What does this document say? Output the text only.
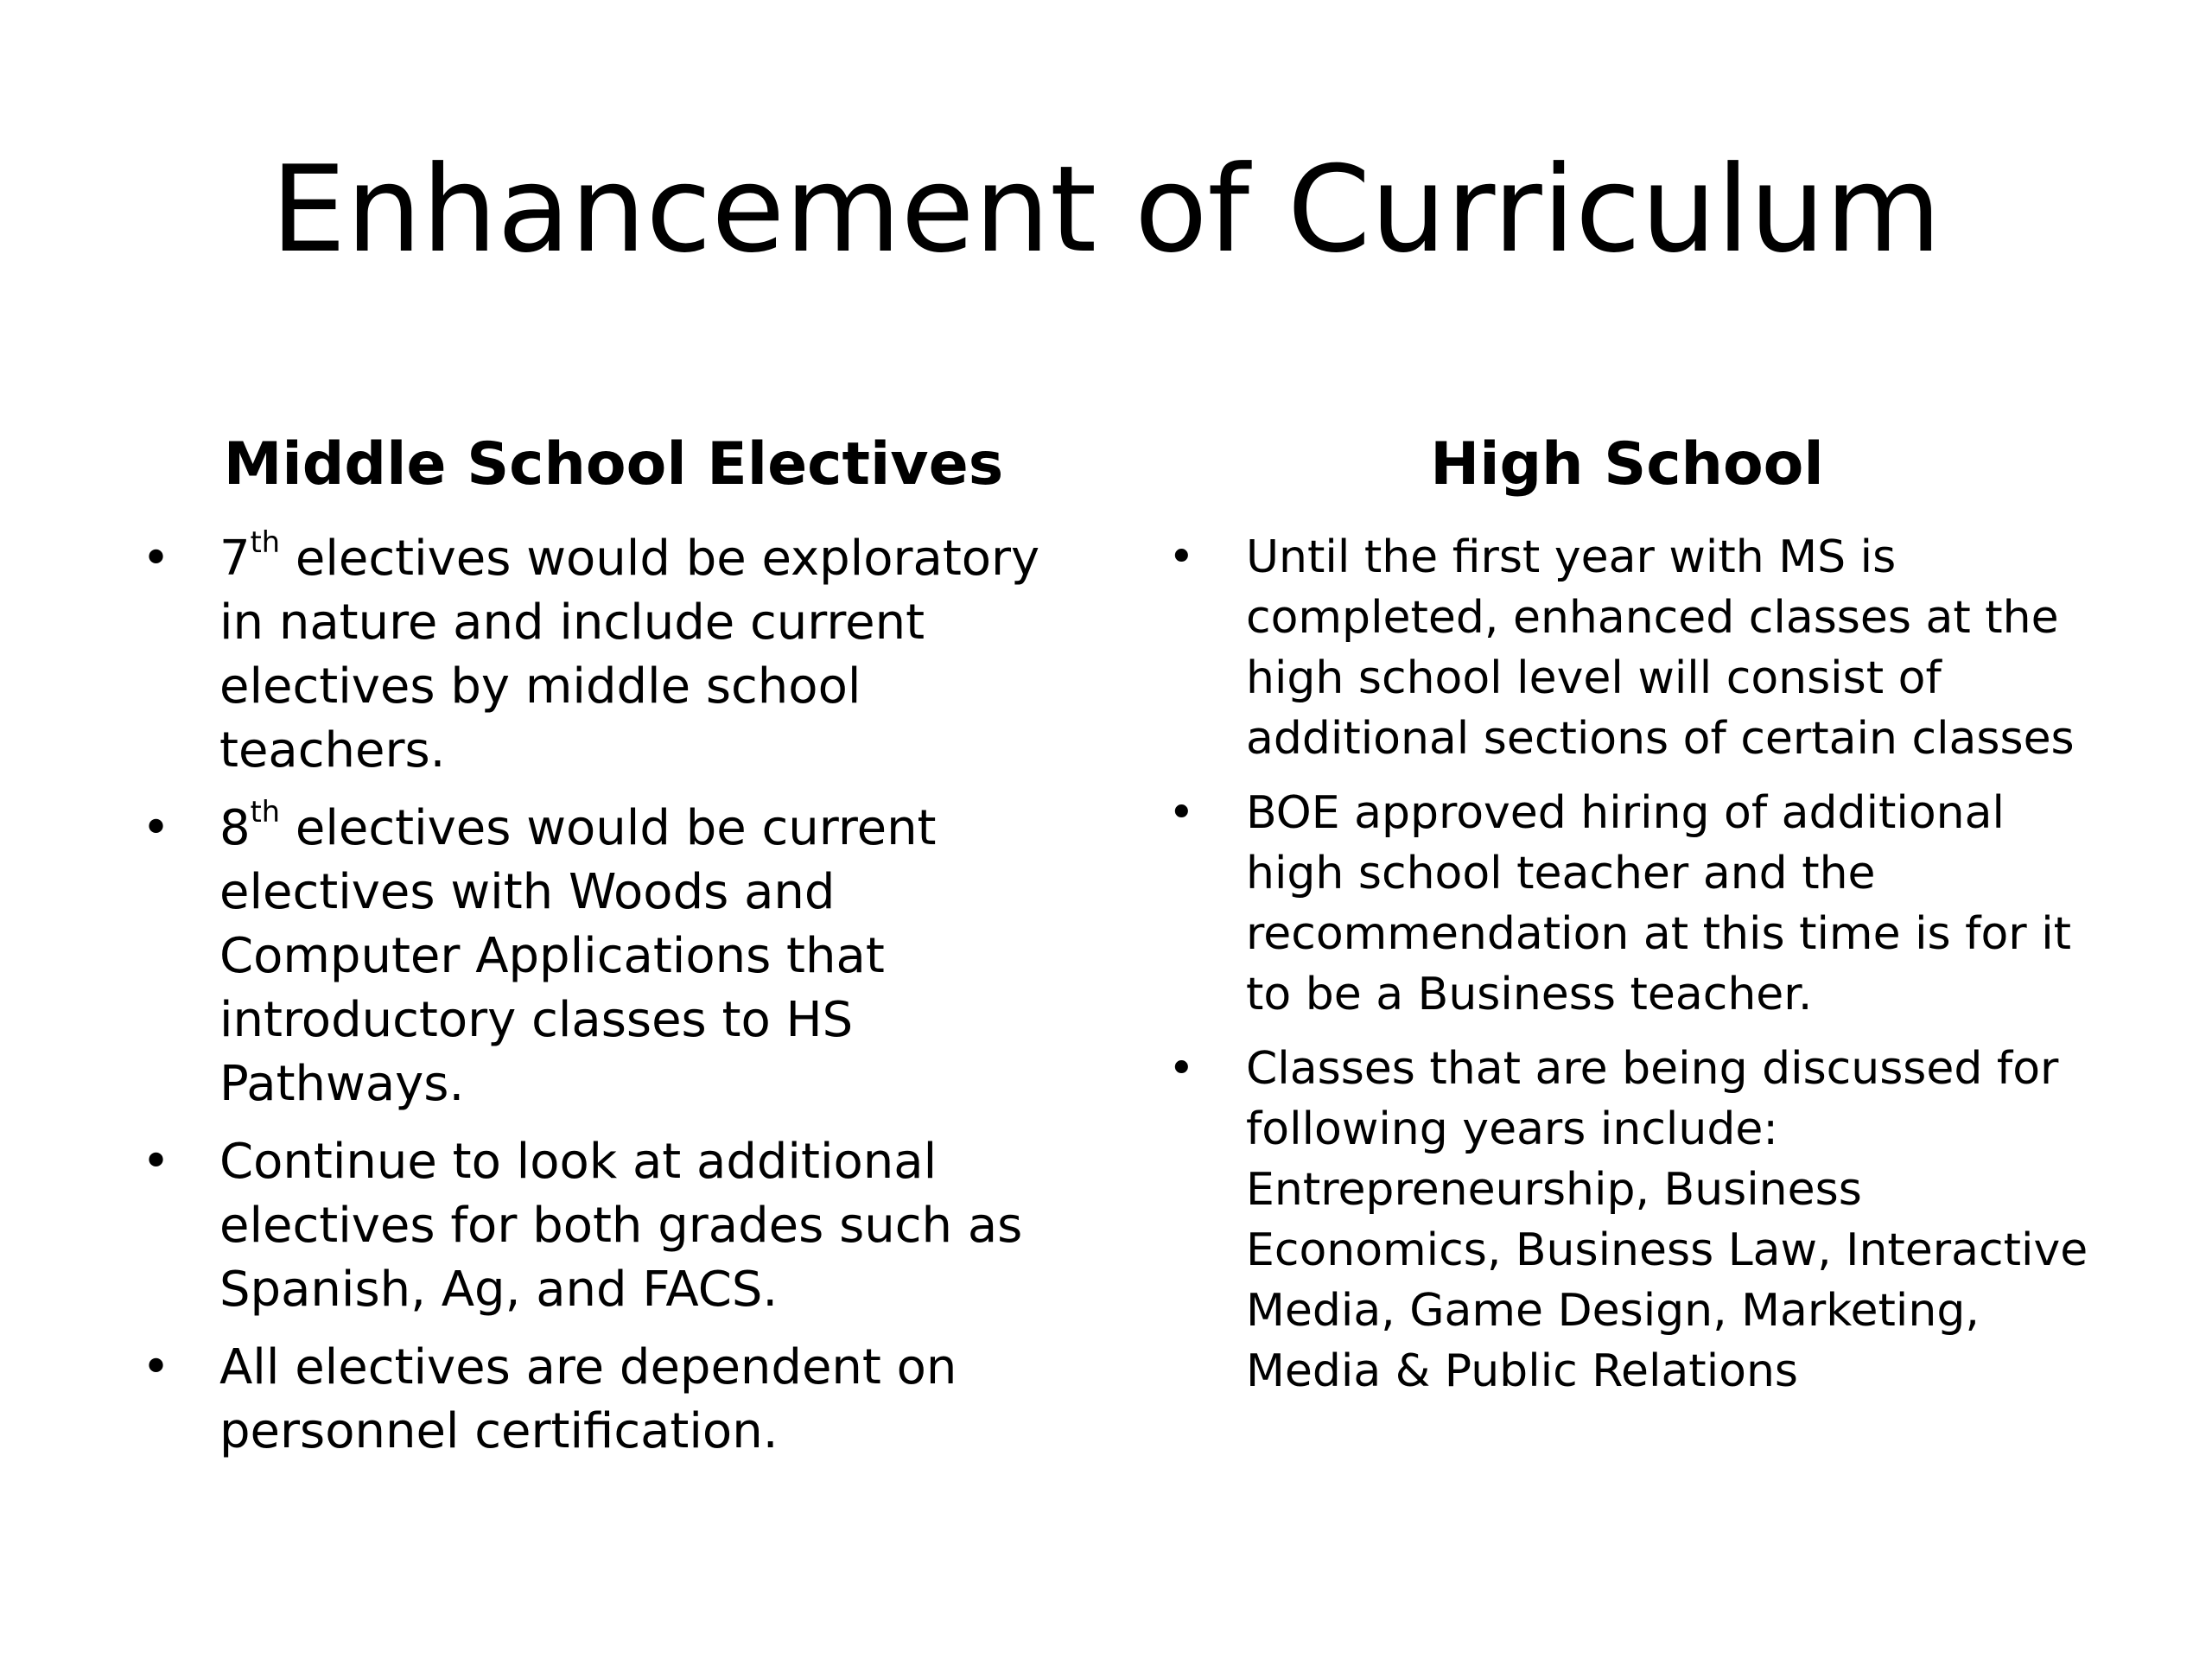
Enhancement of Curriculum
Middle School Electives
• 7th electives would be exploratory in nature and include current electives by middle school teachers.
• 8th electives would be current electives with Woods and Computer Applications that introductory classes to HS Pathways.
• Continue to look at additional electives for both grades such as Spanish, Ag, and FACS.
• All electives are dependent on personnel certification.
High School
• Until the first year with MS is completed, enhanced classes at the high school level will consist of additional sections of certain classes
• BOE approved hiring of additional high school teacher and the recommendation at this time is for it to be a Business teacher.
• Classes that are being discussed for following years include: Entrepreneurship, Business Economics, Business Law, Interactive Media, Game Design, Marketing, Media & Public Relations
